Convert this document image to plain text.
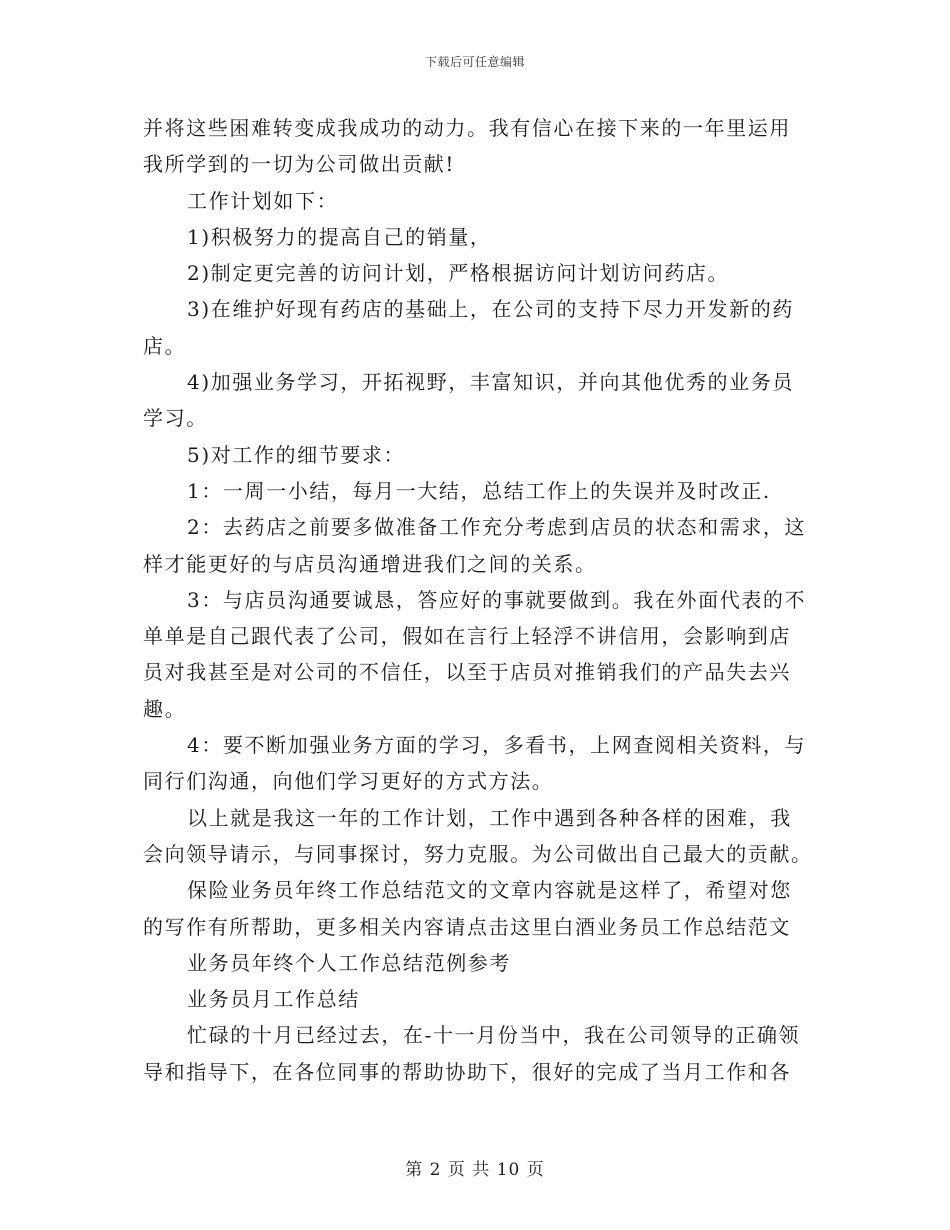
下载后可任意编辑
并将这些困难转变成我成功的动力。我有信心在接下来的一年里运用
我所学到的一切为公司做出贡献!
工作计划如下：
1)积极努力的提高自己的销量，
2)制定更完善的访问计划，严格根据访问计划访问药店。
3)在维护好现有药店的基础上，在公司的支持下尽力开发新的药
店。
4)加强业务学习，开拓视野，丰富知识，并向其他优秀的业务员
学习。
5)对工作的细节要求：
1：一周一小结，每月一大结，总结工作上的失误并及时改正.
2：去药店之前要多做准备工作充分考虑到店员的状态和需求，这
样才能更好的与店员沟通增进我们之间的关系。
3：与店员沟通要诚恳，答应好的事就要做到。我在外面代表的不
单单是自己跟代表了公司，假如在言行上轻浮不讲信用，会影响到店
员对我甚至是对公司的不信任，以至于店员对推销我们的产品失去兴
趣。
4：要不断加强业务方面的学习，多看书，上网查阅相关资料，与
同行们沟通，向他们学习更好的方式方法。
以上就是我这一年的工作计划，工作中遇到各种各样的困难，我
会向领导请示，与同事探讨，努力克服。为公司做出自己最大的贡献。
保险业务员年终工作总结范文的文章内容就是这样了，希望对您
的写作有所帮助，更多相关内容请点击这里白酒业务员工作总结范文
业务员年终个人工作总结范例参考
业务员月工作总结
忙碌的十月已经过去，在-十一月份当中，我在公司领导的正确领
导和指导下，在各位同事的帮助协助下，很好的完成了当月工作和各
第 2 页 共 10 页
